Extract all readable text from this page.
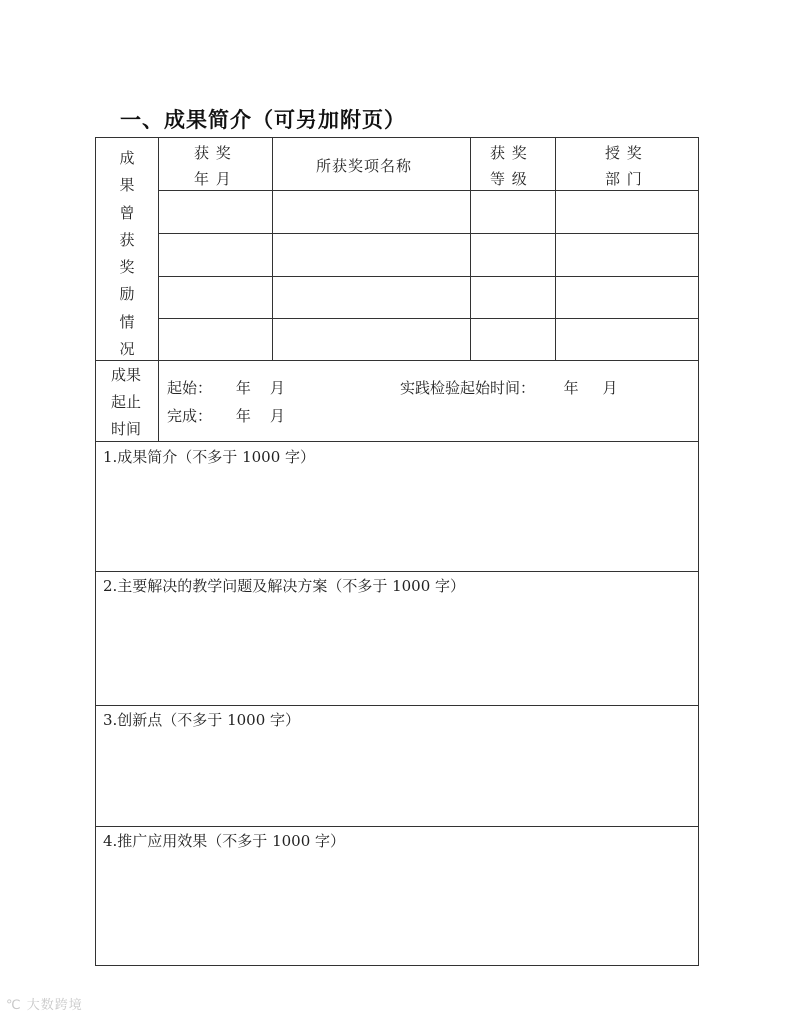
一、成果简介（可另加附页）
成
果
曾
获
奖
励
情
况
获 奖
年 月
所获奖项名称
获 奖
等 级
授 奖
部 门
成果
起止
时间
起始：     年    月	实践检验起始时间：      年     月
完成：     年    月
1.成果简介（不多于 1000 字）
2.主要解决的教学问题及解决方案（不多于 1000 字）
3.创新点（不多于 1000 字）
4.推广应用效果（不多于 1000 字）
℃ 大数跨境
